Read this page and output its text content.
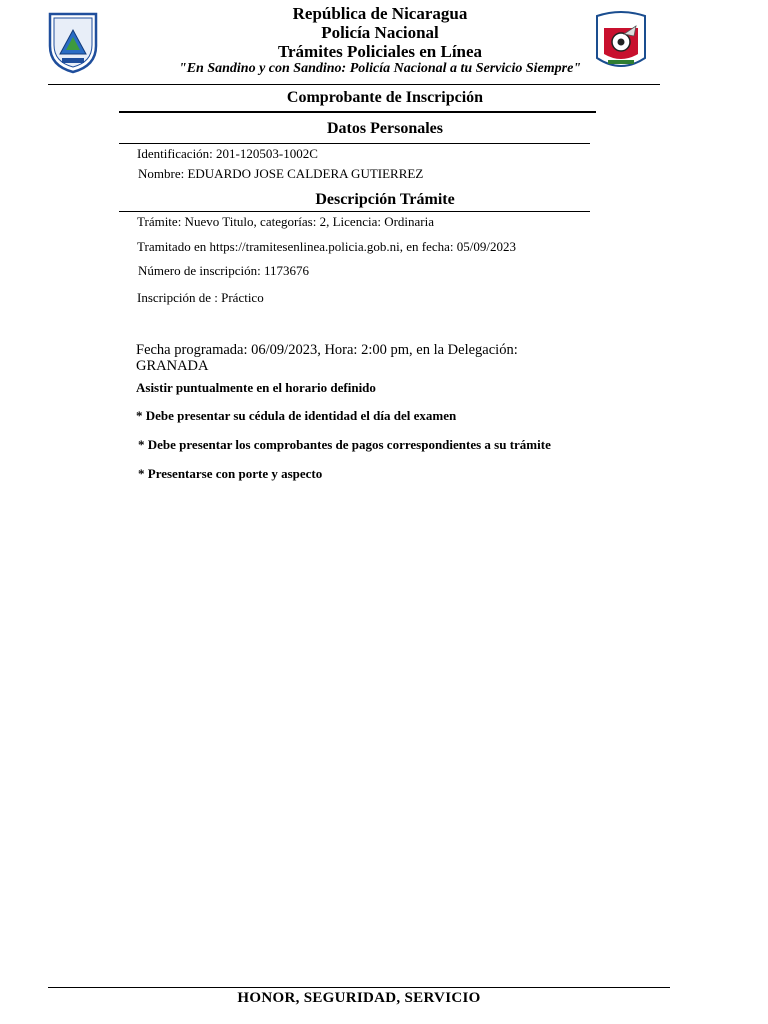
República de Nicaragua
Policía Nacional
Trámites Policiales en Línea
"En Sandino y con Sandino: Policía Nacional a tu Servicio Siempre"
Comprobante de Inscripción
Datos Personales
Identificación: 201-120503-1002C
Nombre: EDUARDO JOSE CALDERA GUTIERREZ
Descripción Trámite
Trámite: Nuevo Titulo, categorías: 2, Licencia: Ordinaria
Tramitado en https://tramitesenlinea.policia.gob.ni, en fecha: 05/09/2023
Número de inscripción: 1173676
Inscripción de : Práctico
Fecha programada: 06/09/2023, Hora: 2:00 pm, en la Delegación:
GRANADA
Asistir puntualmente en el horario definido
* Debe presentar su cédula de identidad el día del examen
* Debe presentar los comprobantes de pagos correspondientes a su trámite
* Presentarse con porte y aspecto
HONOR, SEGURIDAD, SERVICIO
